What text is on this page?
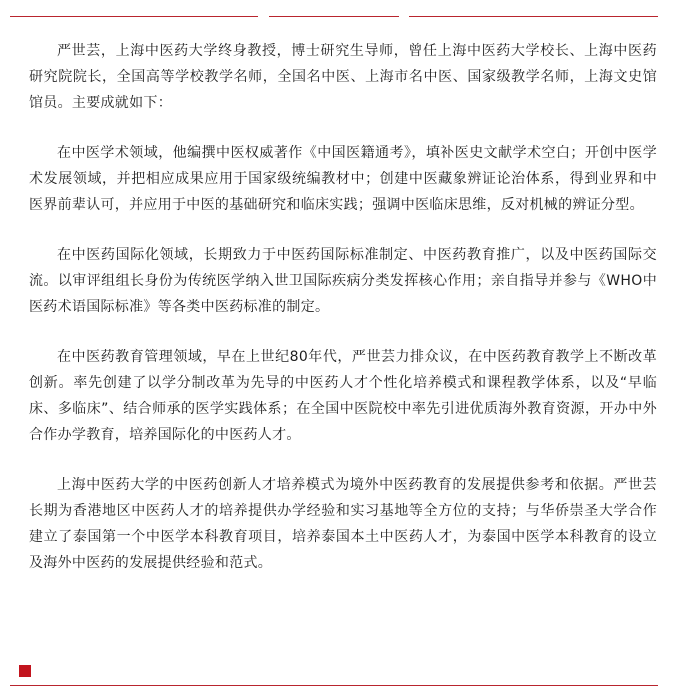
严世芸，上海中医药大学终身教授，博士研究生导师，曾任上海中医药大学校长、上海中医药研究院院长，全国高等学校教学名师，全国名中医、上海市名中医、国家级教学名师，上海文史馆馆员。主要成就如下：

在中医学术领域，他编撰中医权威著作《中国医籍通考》，填补医史文献学术空白；开创中医学术发展领域，并把相应成果应用于国家级统编教材中；创建中医藏象辨证论治体系，得到业界和中医界前辈认可，并应用于中医的基础研究和临床实践；强调中医临床思维，反对机械的辨证分型。

在中医药国际化领域，长期致力于中医药国际标准制定、中医药教育推广，以及中医药国际交流。以审评组组长身份为传统医学纳入世卫国际疾病分类发挥核心作用；亲自指导并参与《WHO中医药术语国际标准》等各类中医药标准的制定。

在中医药教育管理领域，早在上世纪80年代，严世芸力排众议，在中医药教育教学上不断改革创新。率先创建了以学分制改革为先导的中医药人才个性化培养模式和课程教学体系，以及“早临床、多临床”、结合师承的医学实践体系；在全国中医院校中率先引进优质海外教育资源，开办中外合作办学教育，培养国际化的中医药人才。

上海中医药大学的中医药创新人才培养模式为境外中医药教育的发展提供参考和依据。严世芸长期为香港地区中医药人才的培养提供办学经验和实习基地等全方位的支持；与华侨崇圣大学合作建立了泰国第一个中医学本科教育项目，培养泰国本土中医药人才，为泰国中医学本科教育的设立及海外中医药的发展提供经验和范式。
